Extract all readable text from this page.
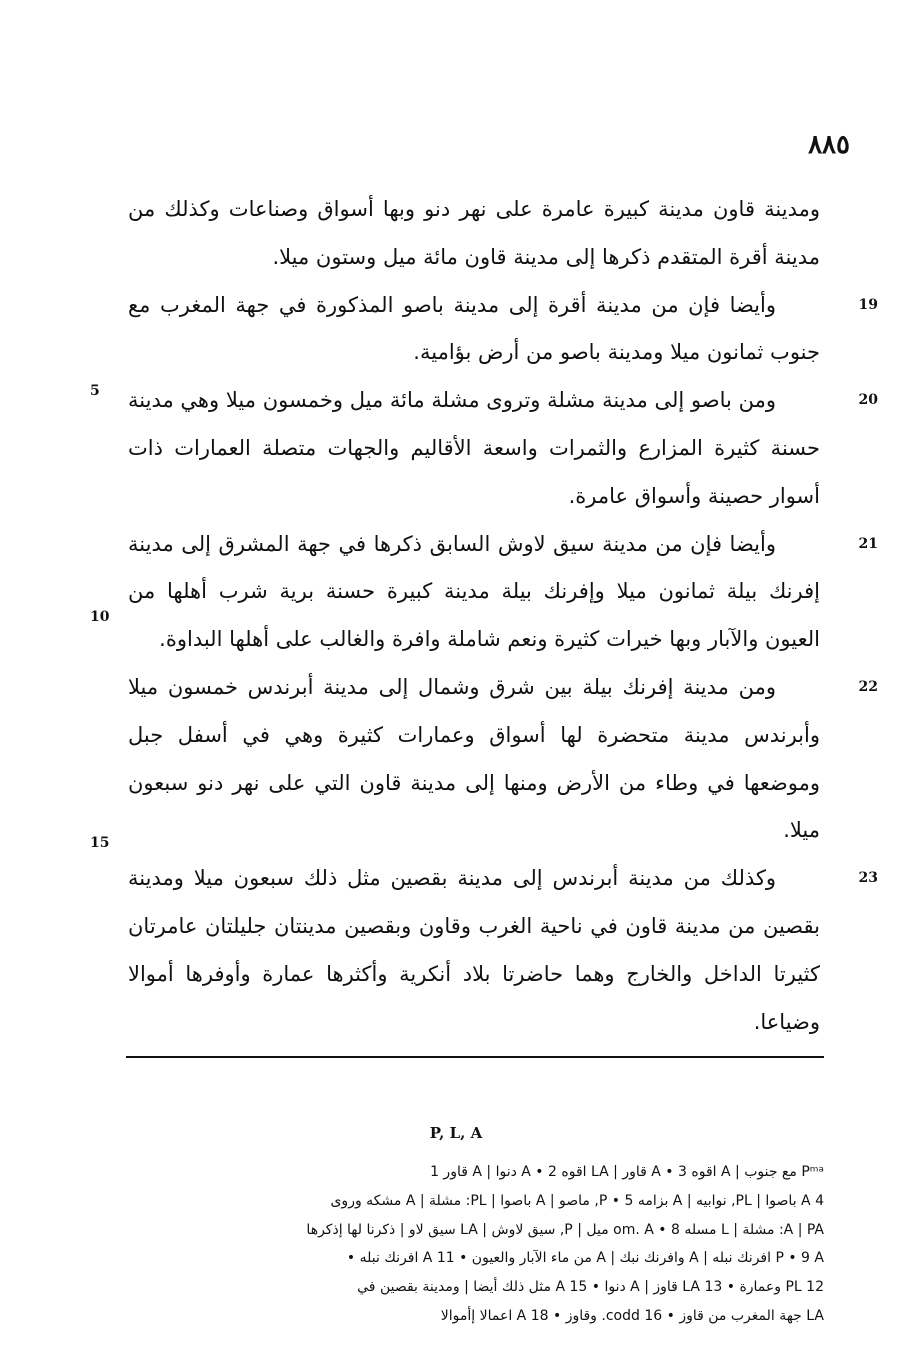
٨٨٥

ومدينة قاون مدينة كبيرة عامرة على نهر دنو وبها أسواق وصناعات وكذلك من مدينة أقرة المتقدم ذكرها إلى مدينة قاون مائة ميل وستون ميلا.

19
وأيضا فإن من مدينة أقرة إلى مدينة باصو المذكورة في جهة المغرب مع جنوب ثمانون ميلا ومدينة باصو من أرض بؤامية.

20
ومن باصو إلى مدينة مشلة وتروى مشلة مائة ميل وخمسون ميلا وهي مدينة حسنة كثيرة المزارع والثمرات واسعة الأقاليم والجهات متصلة العمارات ذات أسوار حصينة وأسواق عامرة.

21
وأيضا فإن من مدينة سيق لاوش السابق ذكرها في جهة المشرق إلى مدينة إفرنك بيلة ثمانون ميلا وإفرنك بيلة مدينة كبيرة حسنة برية شرب أهلها من العيون والآبار وبها خيرات كثيرة ونعم شاملة وافرة والغالب على أهلها البداوة.

22
ومن مدينة إفرنك بيلة بين شرق وشمال إلى مدينة أبرندس خمسون ميلا وأبرندس مدينة متحضرة لها أسواق وعمارات كثيرة وهي في أسفل جبل وموضعها في وطاء من الأرض ومنها إلى مدينة قاون التي على نهر دنو سبعون ميلا.

23
وكذلك من مدينة أبرندس إلى مدينة بقصين مثل ذلك سبعون ميلا ومدينة بقصين من مدينة قاون في ناحية الغرب وقاون وبقصين مدينتان جليلتان عامرتان كثيرتا الداخل والخارج وهما حاضرتا بلاد أنكرية وأكثرها عمارة وأوفرها أموالا وضياعا.

5
10
15
P, L, A

Pᵐᵃ مع جنوب | A اقوه 3 • A قاور | LA اقوه 2 • A دنوا | A قاور 1

4 A باصوا | PL, نوابيه | A بزامه 5 • P, ماصو | A باصوا | PL: مشلة | A مشكه وروى

A | PA: مشلة | L مسله om. A • 8 ميل | P, سيق لاوش | LA سيق لاو | ذكرنا لها إذكرها

P • 9 A افرنك نبله | A وافرنك نبك | A من ماء الآبار والعيون • 11 A افرنك نبله •

12 PL وعمارة • 13 LA قاوز | A دنوا • 15 A مثل ذلك أيضا | ومدينة بقصين في

LA جهة المغرب من قاوز • 16 codd. وقاوز • 18 A اعمالا إأموالا
